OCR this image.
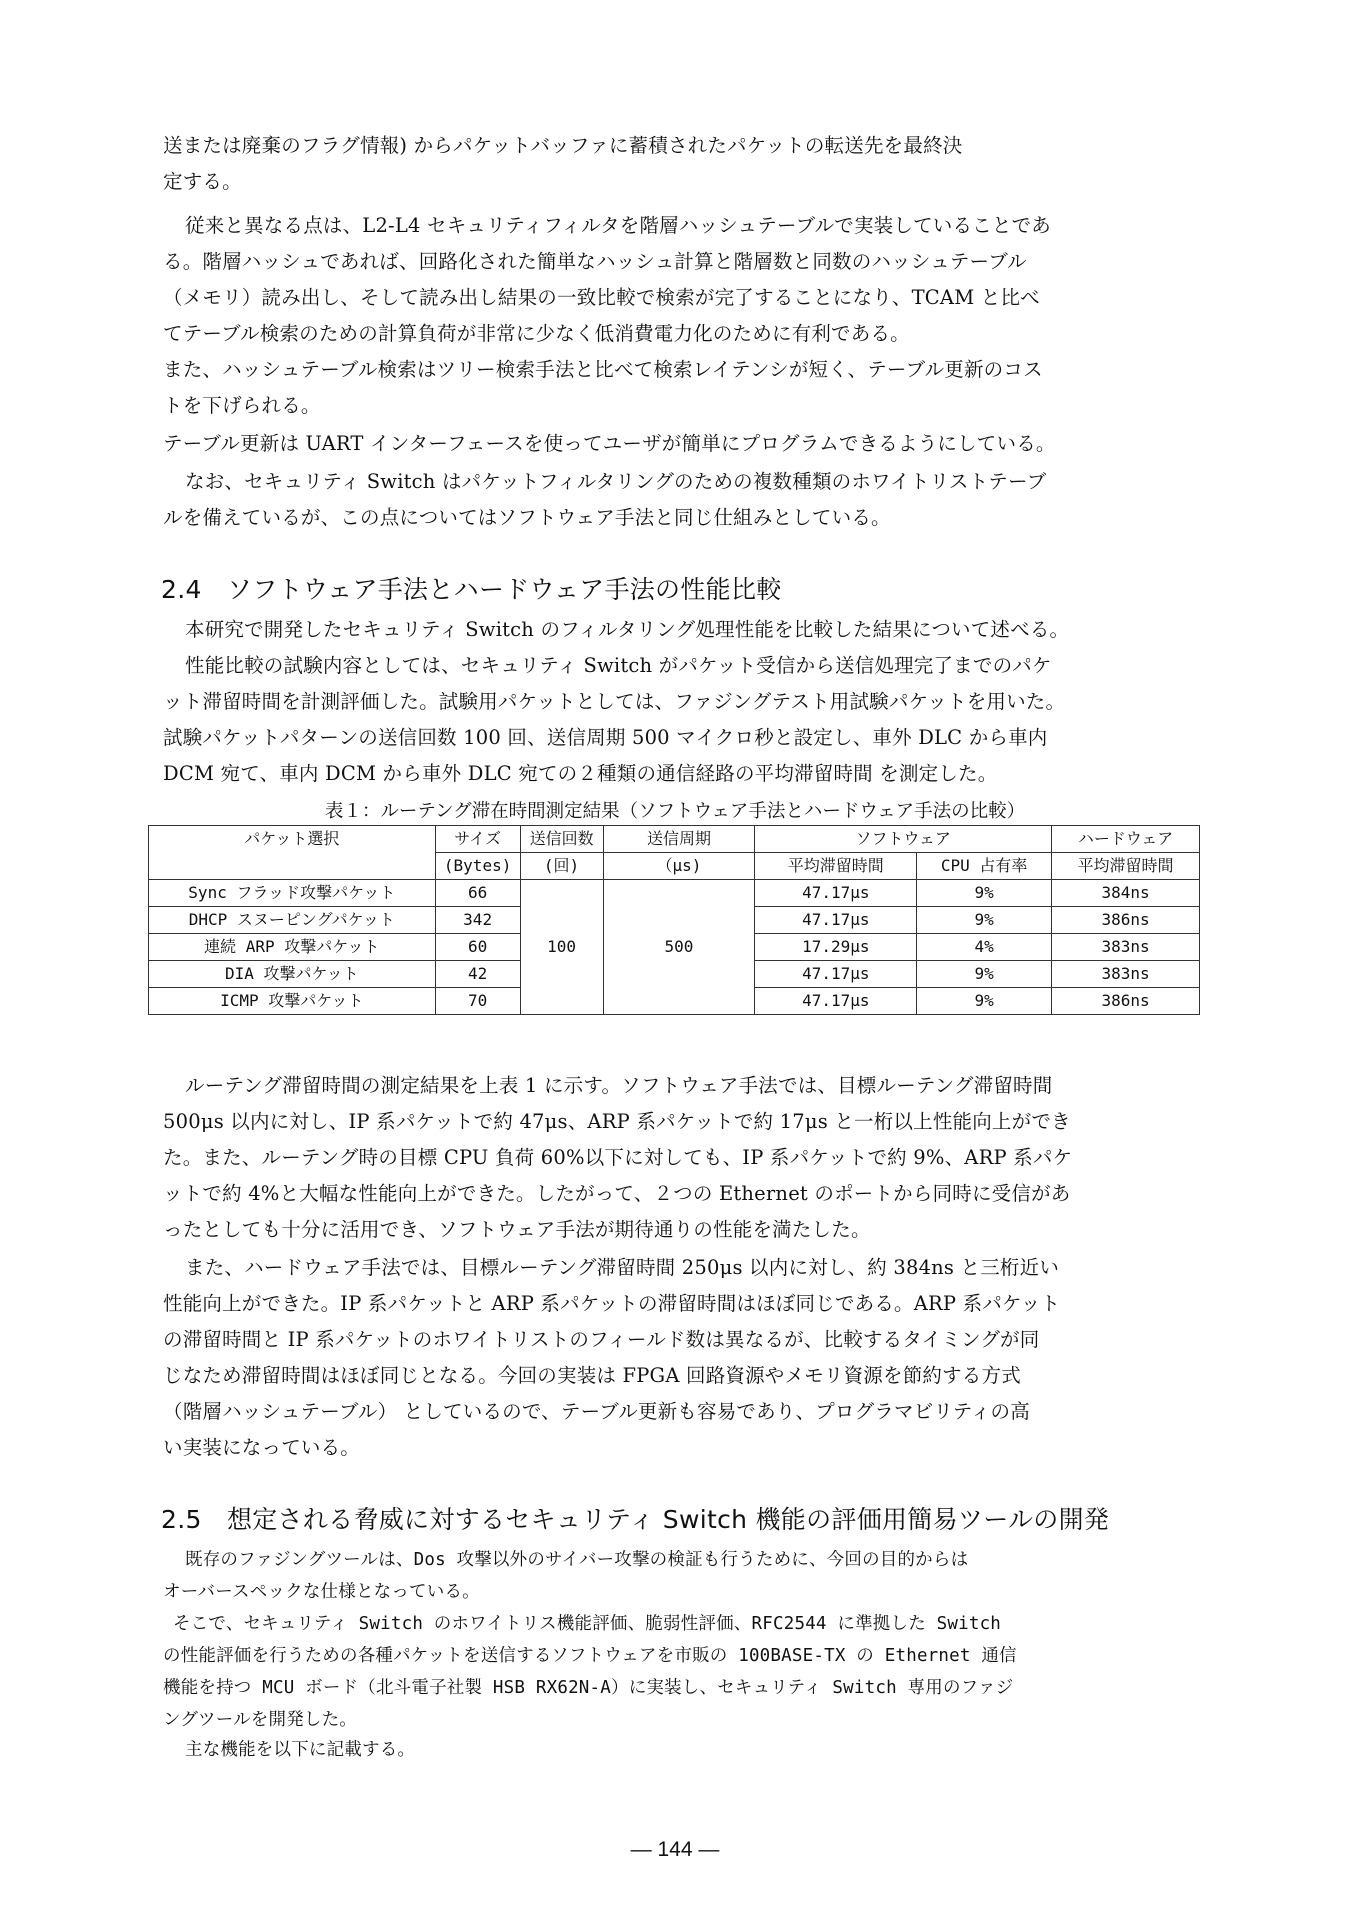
送または廃棄のフラグ情報) からパケットバッファに蓄積されたパケットの転送先を最終決
定する。
従来と異なる点は、L2-L4 セキュリティフィルタを階層ハッシュテーブルで実装していることであ
る。階層ハッシュであれば、回路化された簡単なハッシュ計算と階層数と同数のハッシュテーブル
（メモリ）読み出し、そして読み出し結果の一致比較で検索が完了することになり、TCAM と比べ
てテーブル検索のための計算負荷が非常に少なく低消費電力化のために有利である。
また、ハッシュテーブル検索はツリー検索手法と比べて検索レイテンシが短く、テーブル更新のコス
トを下げられる。
テーブル更新は UART インターフェースを使ってユーザが簡単にプログラムできるようにしている。
なお、セキュリティ Switch はパケットフィルタリングのための複数種類のホワイトリストテーブ
ルを備えているが、この点についてはソフトウェア手法と同じ仕組みとしている。
2.4　ソフトウェア手法とハードウェア手法の性能比較
本研究で開発したセキュリティ Switch のフィルタリング処理性能を比較した結果について述べる。
性能比較の試験内容としては、セキュリティ Switch がパケット受信から送信処理完了までのパケ
ット滞留時間を計測評価した。試験用パケットとしては、ファジングテスト用試験パケットを用いた。
試験パケットパターンの送信回数 100 回、送信周期 500 マイクロ秒と設定し、車外 DLC から車内
DCM 宛て、車内 DCM から車外 DLC 宛ての２種類の通信経路の平均滞留時間 を測定した。
表１：ルーテング滞在時間測定結果（ソフトウェア手法とハードウェア手法の比較）
パケット選択	サイズ	送信回数	送信周期	ソフトウェア		ハードウェア
	(Bytes)	(回)	（μs)	平均滞留時間	CPU 占有率	平均滞留時間
Sync フラッド攻撃パケット	66	100	500	47.17μs	9%	384ns
DHCP スヌーピングパケット	342			47.17μs	9%	386ns
連続 ARP 攻撃パケット	60			17.29μs	4%	383ns
DIA 攻撃パケット	42			47.17μs	9%	383ns
ICMP 攻撃パケット	70			47.17μs	9%	386ns
ルーテング滞留時間の測定結果を上表 1 に示す。ソフトウェア手法では、目標ルーテング滞留時間
500μs 以内に対し、IP 系パケットで約 47μs、ARP 系パケットで約 17μs と一桁以上性能向上ができ
た。また、ルーテング時の目標 CPU 負荷 60%以下に対しても、IP 系パケットで約 9%、ARP 系パケ
ットで約 4%と大幅な性能向上ができた。したがって、２つの Ethernet のポートから同時に受信があ
ったとしても十分に活用でき、ソフトウェア手法が期待通りの性能を満たした。
また、ハードウェア手法では、目標ルーテング滞留時間 250μs 以内に対し、約 384ns と三桁近い
性能向上ができた。IP 系パケットと ARP 系パケットの滞留時間はほぼ同じである。ARP 系パケット
の滞留時間と IP 系パケットのホワイトリストのフィールド数は異なるが、比較するタイミングが同
じなため滞留時間はほぼ同じとなる。今回の実装は FPGA 回路資源やメモリ資源を節約する方式
（階層ハッシュテーブル） としているので、テーブル更新も容易であり、プログラマビリティの高
い実装になっている。
2.5　想定される脅威に対するセキュリティ Switch 機能の評価用簡易ツールの開発
既存のファジングツールは、Dos 攻撃以外のサイバー攻撃の検証も行うために、今回の目的からは
オーバースペックな仕様となっている。
そこで、セキュリティ Switch のホワイトリス機能評価、脆弱性評価、RFC2544 に準拠した Switch
の性能評価を行うための各種パケットを送信するソフトウェアを市販の 100BASE-TX の Ethernet 通信
機能を持つ MCU ボード（北斗電子社製 HSB RX62N-A）に実装し、セキュリティ Switch 専用のファジ
ングツールを開発した。
主な機能を以下に記載する。
― 144 ―
